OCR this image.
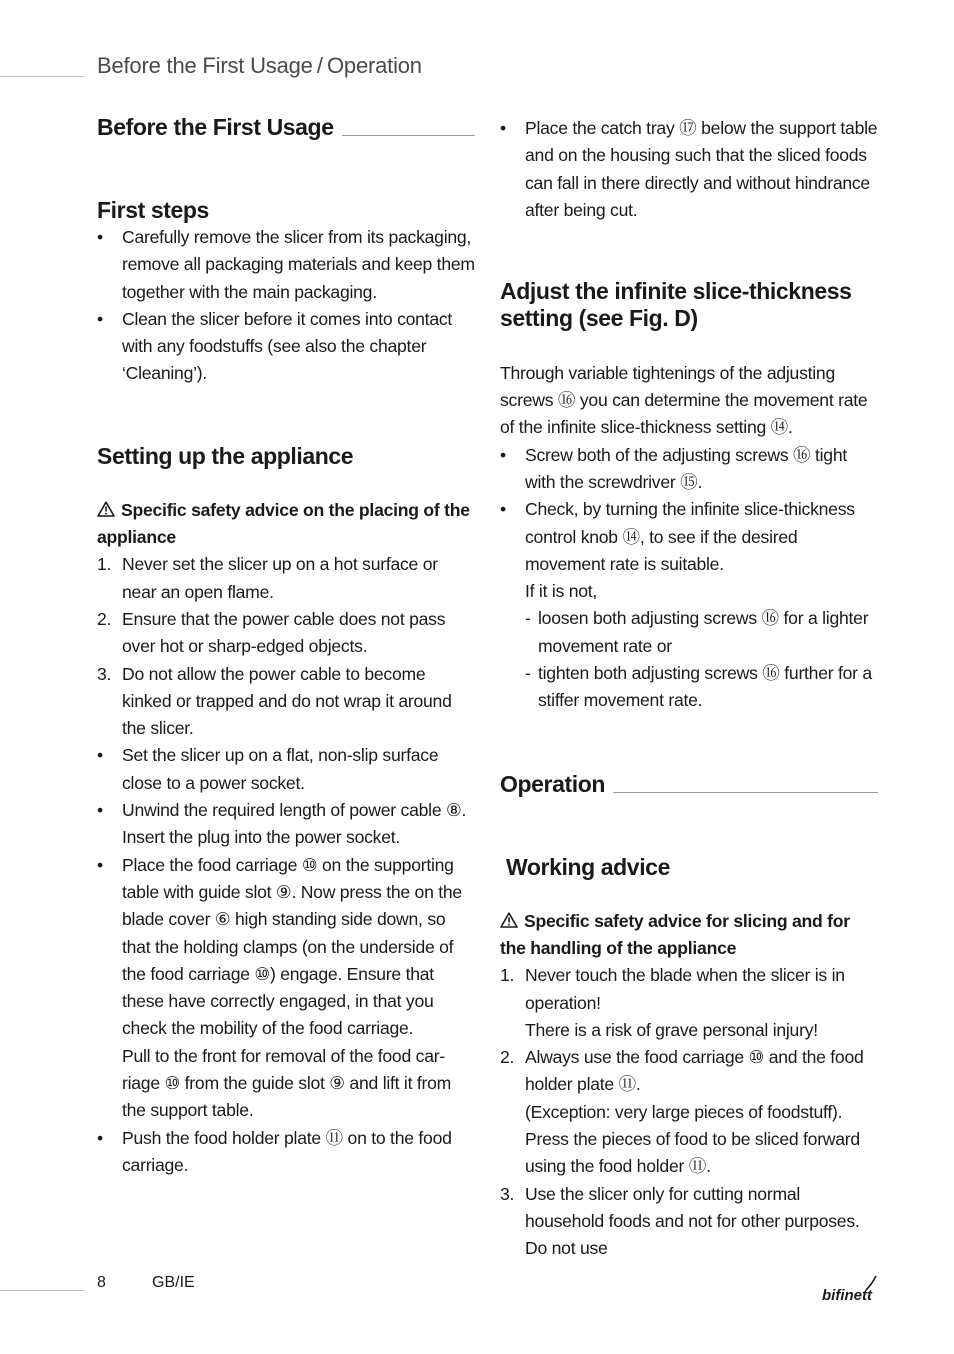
Before the First Usage / Operation
Before the First Usage
First steps
• Carefully remove the slicer from its packaging, remove all packaging materials and keep them together with the main packaging.
• Clean the slicer before it comes into contact with any foodstuffs (see also the chapter ‘Cleaning’).
Setting up the appliance

Specific safety advice on the placing of the appliance

1. Never set the slicer up on a hot surface or near an open flame.
2. Ensure that the power cable does not pass over hot or sharp-edged objects.
3. Do not allow the power cable to become kinked or trapped and do not wrap it around the slicer.
• Set the slicer up on a flat, non-slip surface close to a power socket.
• Unwind the required length of power cable ⑧. Insert the plug into the power socket.
• Place the food carriage ⑩ on the supporting table with guide slot ⑨. Now press the on the blade cover ⑥ high standing side down, so that the holding clamps (on the underside of the food carriage ⑩) engage. Ensure that these have correctly engaged, in that you check the mobility of the food carriage.
Pull to the front for removal of the food carriage ⑩ from the guide slot ⑨ and lift it from the support table.
• Push the food holder plate ⑪ on to the food carriage.
• Place the catch tray ⑰ below the support table and on the housing such that the sliced foods can fall in there directly and without hindrance after being cut.
Adjust the infinite slice-thickness setting (see Fig. D)

Through variable tightenings of the adjusting screws ⑯ you can determine the movement rate of the infinite slice-thickness setting ⑭.

• Screw both of the adjusting screws ⑯ tight with the screwdriver ⑮.
• Check, by turning the infinite slice-thickness control knob ⑭, to see if the desired movement rate is suitable.
If it is not,
- loosen both adjusting screws ⑯ for a lighter movement rate or
- tighten both adjusting screws ⑯ further for a stiffer movement rate.
Operation
Working advice

Specific safety advice for slicing and for the handling of the appliance

1. Never touch the blade when the slicer is in operation!
There is a risk of grave personal injury!
2. Always use the food carriage ⑩ and the food holder plate ⑪.
(Exception: very large pieces of foodstuff).
Press the pieces of food to be sliced forward using the food holder ⑪.
3. Use the slicer only for cutting normal household foods and not for other purposes. Do not use
8	GB/IE
bifinett
